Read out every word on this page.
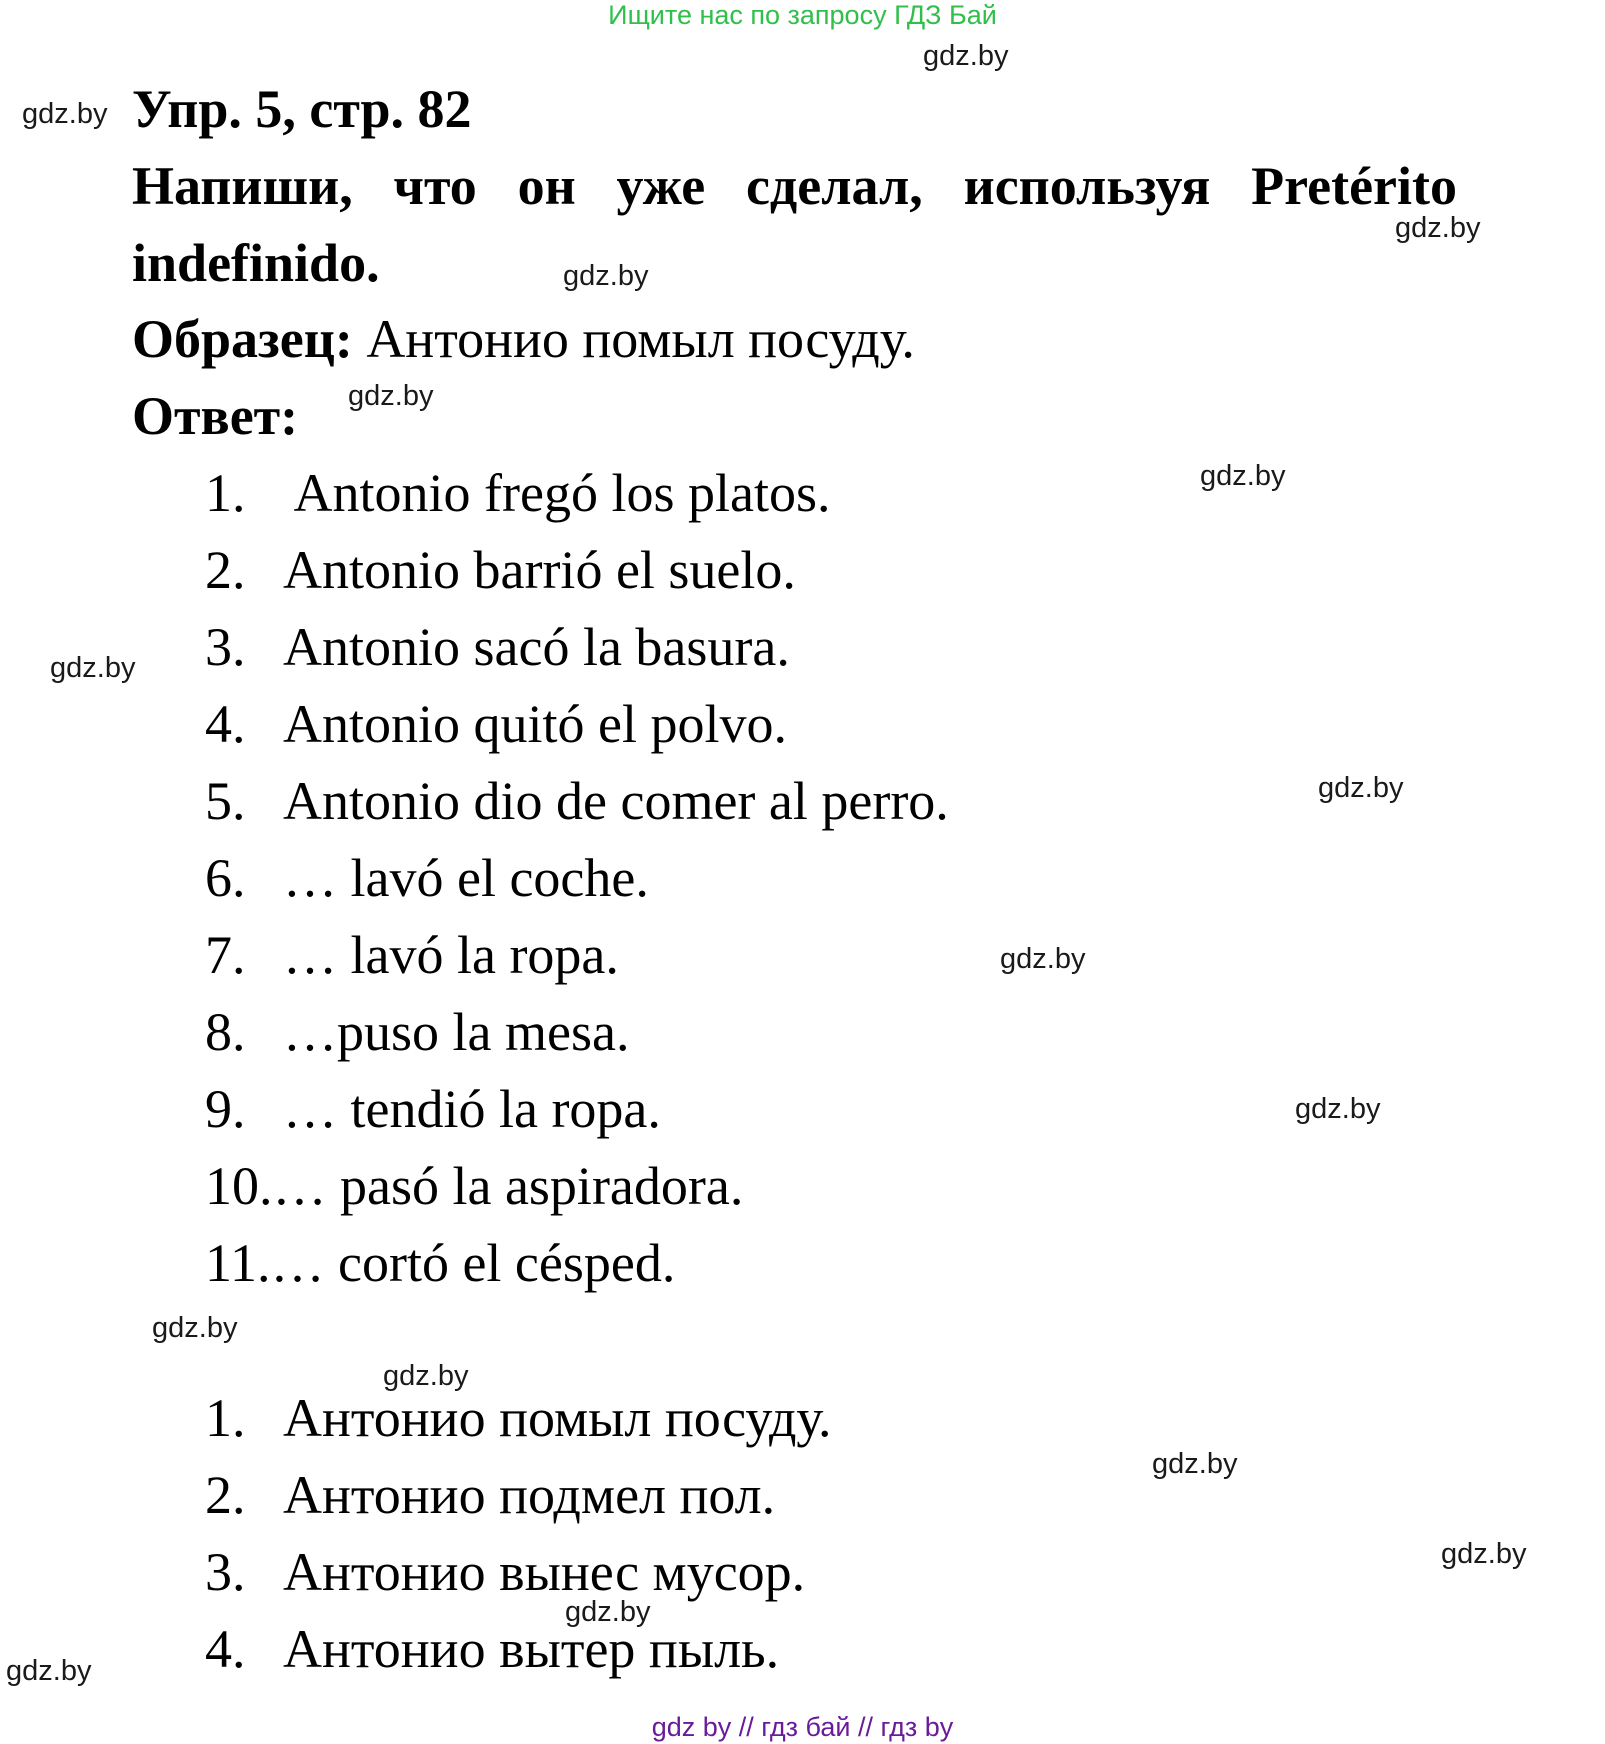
Ищите нас по запросу ГДЗ Бай
gdz.by
gdz.by
gdz.by
gdz.by
gdz.by
gdz.by
gdz.by
gdz.by
gdz.by
gdz.by
gdz.by
gdz.by
gdz.by
gdz.by
gdz.by
gdz.by
Упр. 5, стр. 82
Напиши, что он уже сделал, используя Pretérito
indefinido.
Образец: Антонио помыл посуду.
Ответ:
1. Antonio fregó los platos.
2. Antonio barrió el suelo.
3. Antonio sacó la basura.
4. Antonio quitó el polvo.
5. Antonio dio de comer al perro.
6. … lavó el coche.
7. … lavó la ropa.
8. …puso la mesa.
9. … tendió la ropa.
10.… pasó la aspiradora.
11.… cortó el césped.
1. Антонио помыл посуду.
2. Антонио подмел пол.
3. Антонио вынес мусор.
4. Антонио вытер пыль.
gdz by // гдз бай // гдз by
